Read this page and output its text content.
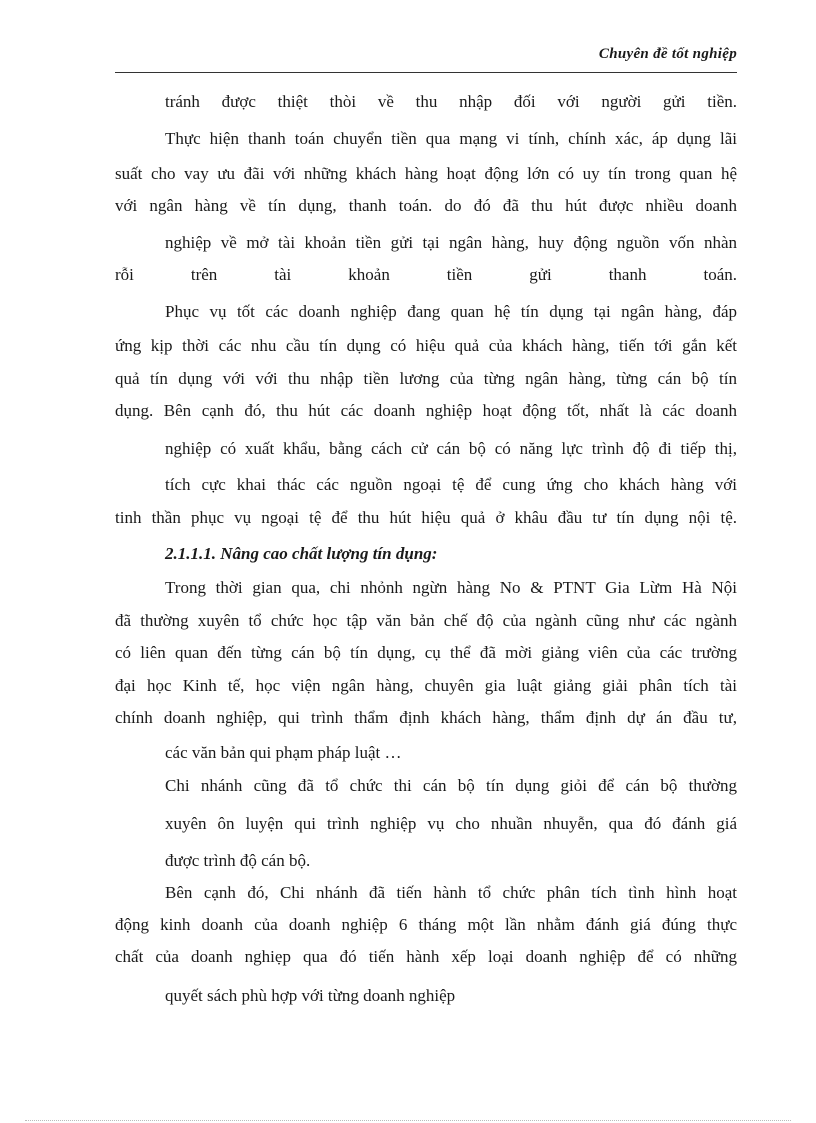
Chuyên đề tốt nghiệp
tránh được thiệt thòi về thu nhập đối với người gửi tiền.
Thực hiện thanh toán chuyển tiền qua mạng vi tính, chính xác, áp dụng lãi
suất cho vay ưu đãi với những khách hàng hoạt động lớn có uy tín trong quan hệ
với ngân hàng về tín dụng, thanh toán. do đó đã thu hút được nhiều doanh
nghiệp về mở tài khoản tiền gửi tại ngân hàng, huy động nguồn vốn nhàn
rỗi trên tài khoản tiền gửi thanh toán.
Phục vụ tốt các doanh nghiệp đang quan hệ tín dụng tại ngân hàng, đáp
ứng kịp thời các nhu cầu tín dụng có hiệu quả của khách hàng, tiến tới gắn kết
quả tín dụng với với thu nhập tiền lương của từng ngân hàng, từng cán bộ tín
dụng. Bên cạnh đó, thu hút các doanh nghiệp hoạt động tốt, nhất là các doanh
nghiệp có xuất khẩu, bằng cách cử cán bộ có năng lực trình độ đi tiếp thị,
tích cực khai thác các nguồn ngoại tệ để cung ứng cho khách hàng với
tinh thần phục vụ ngoại tệ để thu hút hiệu quả ở khâu đầu tư tín dụng nội tệ.
2.1.1.1. Nâng cao chất lượng tín dụng:
Trong thời gian qua, chi nhỏnh ngừn hàng No & PTNT Gia Lừm Hà Nội
đã thường xuyên tổ chức học tập văn bản chế độ của ngành cũng như các ngành
có liên quan đến từng cán bộ tín dụng, cụ thể đã mời giảng viên của các trường
đại học Kinh tế, học viện ngân hàng, chuyên gia luật giảng giải phân tích tài
chính doanh nghiệp, qui trình thẩm định khách hàng, thẩm định dự án đầu tư,
các văn bản qui phạm pháp luật …
Chi nhánh cũng đã tổ chức thi cán bộ tín dụng giỏi để cán bộ thường
xuyên ôn luyện qui trình nghiệp vụ cho nhuần nhuyễn, qua đó đánh giá
được trình độ cán bộ.
Bên cạnh đó, Chi nhánh đã tiến hành tổ chức phân tích tình hình hoạt
động kinh doanh của doanh nghiệp 6 tháng một lần nhằm đánh giá đúng thực
chất của doanh nghiẹp qua đó tiến hành xếp loại doanh nghiệp để có những
quyết sách phù hợp với từng doanh nghiệp
